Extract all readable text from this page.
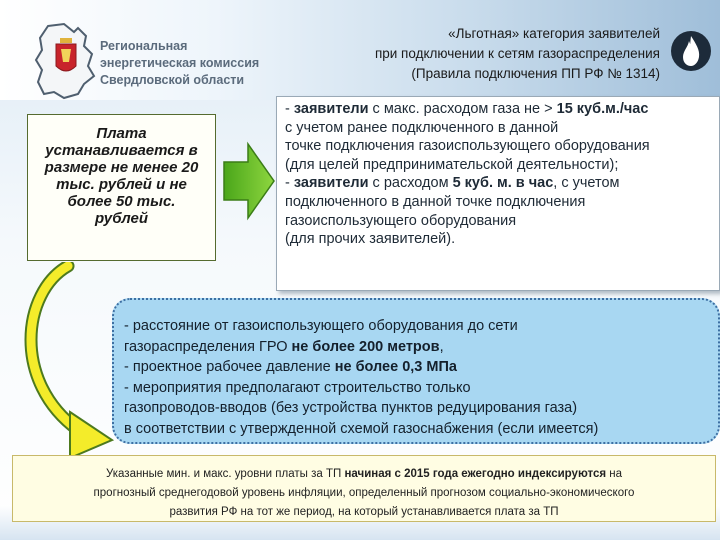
Региональная
энергетическая комиссия
Свердловской области
«Льготная» категория заявителей
при подключении к сетям газораспределения
(Правила подключения ПП РФ № 1314)
Плата
устанавливается в
размере не менее 20
тыс. рублей и не
более 50 тыс.
рублей
- заявители с макс. расходом газа не > 15 куб.м./час
с учетом ранее подключенного в данной
точке подключения газоиспользующего оборудования
(для целей предпринимательской деятельности);
- заявители с расходом 5 куб. м. в час, с учетом
подключенного в данной точке подключения
газоиспользующего оборудования
(для прочих заявителей).
- расстояние от газоиспользующего оборудования до сети
газораспределения ГРО не более 200 метров,
- проектное рабочее давление не более 0,3 МПа
- мероприятия предполагают строительство только
газопроводов-вводов (без устройства пунктов редуцирования газа)
в соответствии с утвержденной схемой газоснабжения (если имеется)
Указанные мин. и макс. уровни платы за ТП начиная с 2015 года ежегодно индексируются на
прогнозный среднегодовой уровень инфляции, определенный прогнозом социально-экономического
развития РФ на тот же период, на который устанавливается плата за ТП
